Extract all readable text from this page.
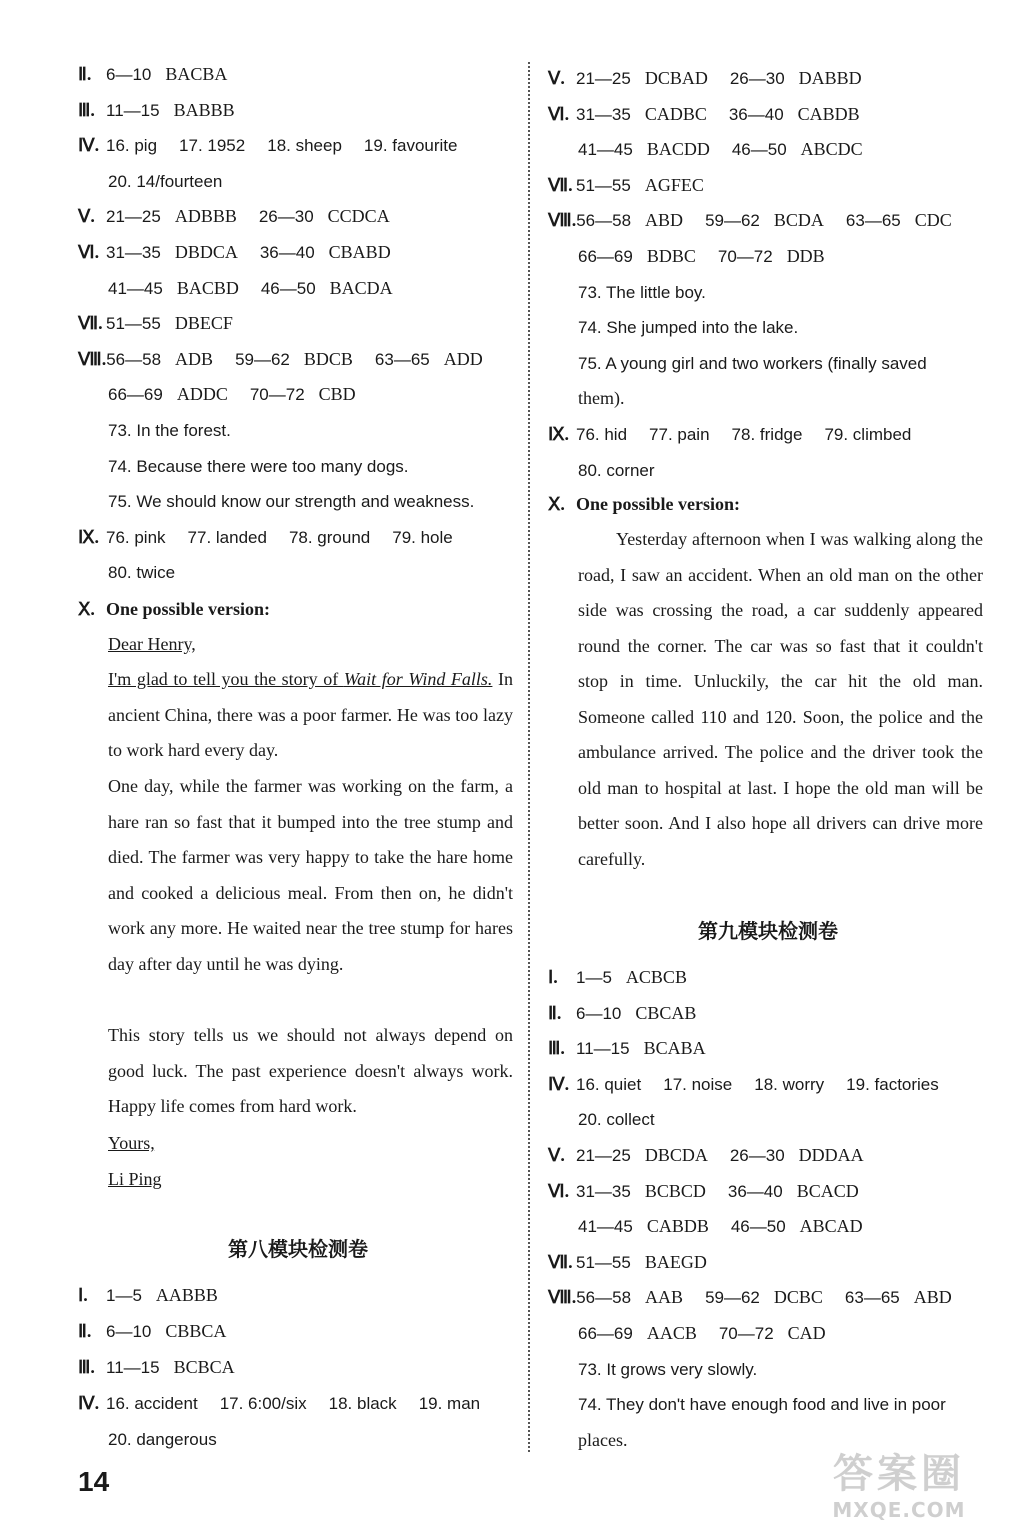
Ⅱ. 6—10 BACBA
Ⅲ. 11—15 BABBB
Ⅳ. 16. pig 17. 1952 18. sheep 19. favourite
20. 14/fourteen
Ⅴ. 21—25 ADBBB 26—30 CCDCA
Ⅵ. 31—35 DBDCA 36—40 CBABD
41—45 BACBD 46—50 BACDA
Ⅶ. 51—55 DBECF
Ⅷ.56—58 ADB 59—62 BDCB 63—65 ADD
66—69 ADDC 70—72 CBD
73. In the forest.
74. Because there were too many dogs.
75. We should know our strength and weakness.
Ⅸ. 76. pink 77. landed 78. ground 79. hole
80. twice
Ⅹ. One possible version:
Dear Henry,
I'm glad to tell you the story of Wait for Wind Falls. In ancient China, there was a poor farmer. He was too lazy to work hard every day.
One day, while the farmer was working on the farm, a hare ran so fast that it bumped into the tree stump and died. The farmer was very happy to take the hare home and cooked a delicious meal. From then on, he didn't work any more. He waited near the tree stump for hares day after day until he was dying.
This story tells us we should not always depend on good luck. The past experience doesn't always work. Happy life comes from hard work.
Yours,
Li Ping
第八模块检测卷
Ⅰ. 1—5 AABBB
Ⅱ. 6—10 CBBCA
Ⅲ. 11—15 BCBCA
Ⅳ. 16. accident 17. 6:00/six 18. black 19. man
20. dangerous
Ⅴ. 21—25 DCBAD 26—30 DABBD
Ⅵ. 31—35 CADBC 36—40 CABDB
41—45 BACDD 46—50 ABCDC
Ⅶ. 51—55 AGFEC
Ⅷ.56—58 ABD 59—62 BCDA 63—65 CDC
66—69 BDBC 70—72 DDB
73. The little boy.
74. She jumped into the lake.
75. A young girl and two workers (finally saved
them).
Ⅸ. 76. hid 77. pain 78. fridge 79. climbed
80. corner
Ⅹ. One possible version:
Yesterday afternoon when I was walking along the road, I saw an accident. When an old man on the other side was crossing the road, a car suddenly appeared round the corner. The car was so fast that it couldn't stop in time. Unluckily, the car hit the old man. Someone called 110 and 120. Soon, the police and the ambulance arrived. The police and the driver took the old man to hospital at last. I hope the old man will be better soon. And I also hope all drivers can drive more carefully.
第九模块检测卷
Ⅰ. 1—5 ACBCB
Ⅱ. 6—10 CBCAB
Ⅲ. 11—15 BCABA
Ⅳ. 16. quiet 17. noise 18. worry 19. factories
20. collect
Ⅴ. 21—25 DBCDA 26—30 DDDAA
Ⅵ. 31—35 BCBCD 36—40 BCACD
41—45 CABDB 46—50 ABCAD
Ⅶ. 51—55 BAEGD
Ⅷ.56—58 AAB 59—62 DCBC 63—65 ABD
66—69 AACB 70—72 CAD
73. It grows very slowly.
74. They don't have enough food and live in poor
places.
14	答案圈
MXQE.COM
